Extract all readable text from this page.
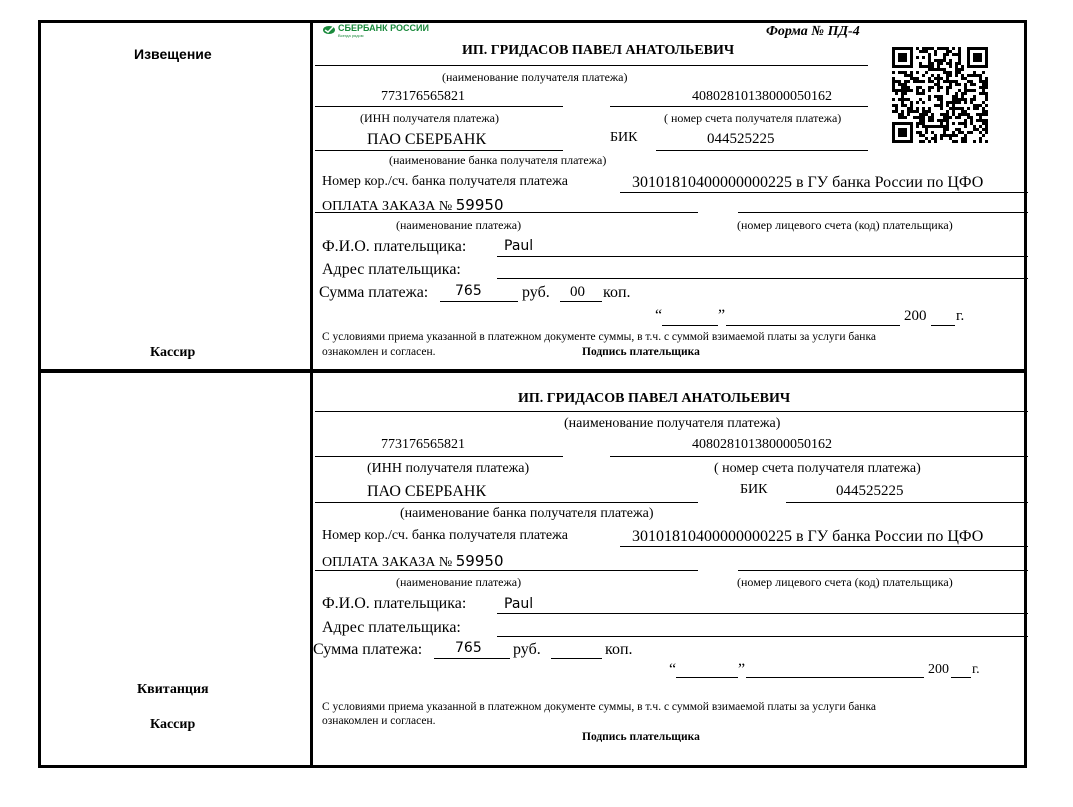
Извещение
Кассир
СБЕРБАНК РОССИИ
Всегда рядом	Форма № ПД-4
ИП. ГРИДАСОВ ПАВЕЛ АНАТОЛЬЕВИЧ
(наименование получателя платежа)
773176565821	40802810138000050162
(ИНН получателя платежа)	( номер счета получателя платежа)
ПАО СБЕРБАНК	БИК	044525225
(наименование банка получателя платежа)
Номер кор./сч. банка получателя платежа	30101810400000000225 в ГУ банка России по ЦФО
ОПЛАТА ЗАКАЗА № 59950
(наименование платежа)	(номер лицевого счета (код) плательщика)
Ф.И.О. плательщика:	Paul
Адрес плательщика:
Сумма платежа: 765	руб. 00 коп.
“	”	200 г.
С условиями приема указанной в платежном документе суммы, в т.ч. с суммой взимаемой платы за услуги банка
ознакомлен и согласен.	Подпись плательщика
Квитанция
Кассир
ИП. ГРИДАСОВ ПАВЕЛ АНАТОЛЬЕВИЧ
(наименование получателя платежа)
773176565821	40802810138000050162
(ИНН получателя платежа)	( номер счета получателя платежа)
ПАО СБЕРБАНК	БИК	044525225
(наименование банка получателя платежа)
Номер кор./сч. банка получателя платежа	30101810400000000225 в ГУ банка России по ЦФО
ОПЛАТА ЗАКАЗА № 59950
(наименование платежа)	(номер лицевого счета (код) плательщика)
Ф.И.О. плательщика:	Paul
Адрес плательщика:
Сумма платежа: 765 руб.	коп.
“	”	200 г.
С условиями приема указанной в платежном документе суммы, в т.ч. с суммой взимаемой платы за услуги банка
ознакомлен и согласен.
Подпись плательщика
